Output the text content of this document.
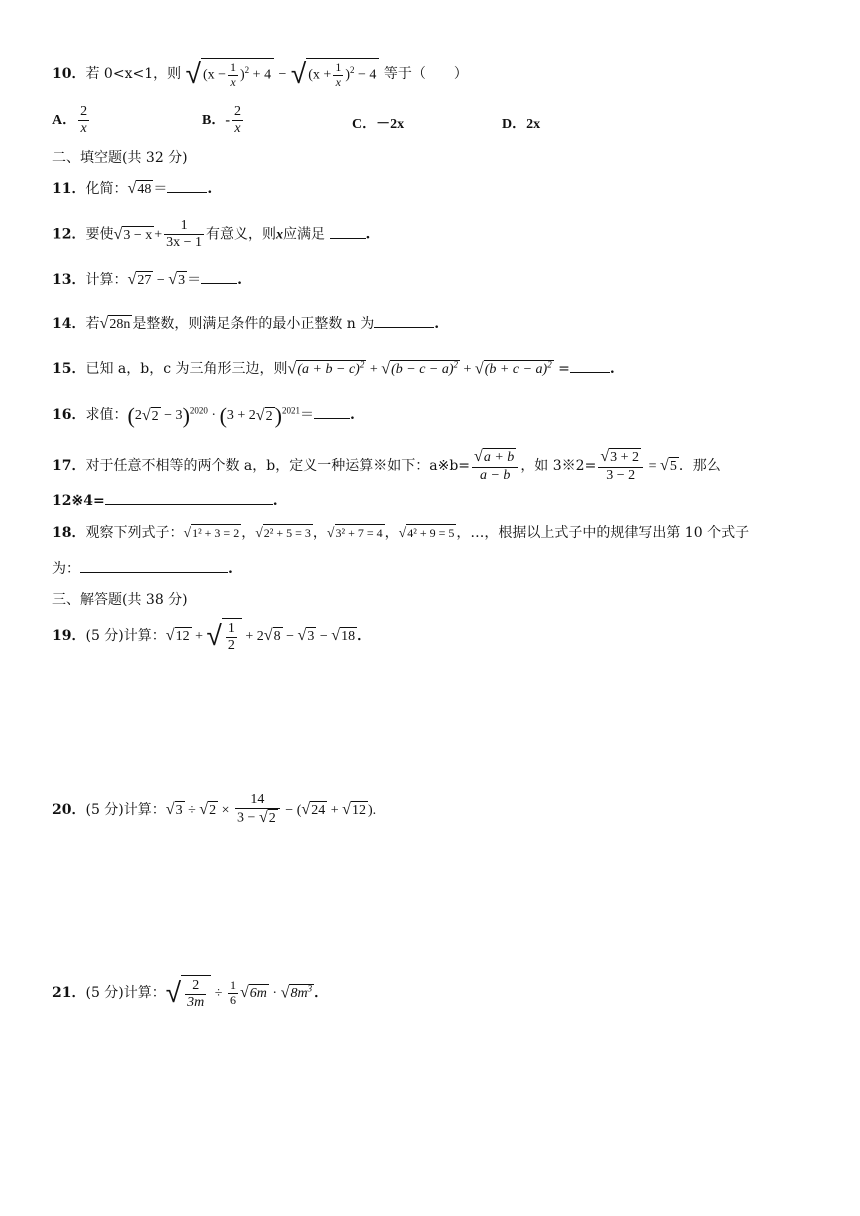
10．若 0<x<1，则 √ $(x - \frac{1}{x} )^2 + 4$ − √ $(x + \frac{1}{x} )^2 - 4$ 等于（　　）
A． $\frac{2}{x}$	B．- $\frac{2}{x}$	C．－2x	D．2x
二、填空题(共 32 分)
11．化简：√48 ＝	.
12．要使$√3 - x + \frac{1}{3x - 1}$ 有意义，则x应满足	.
13．计算：√27 − √3 ＝	.
14．若√28n 是整数，则满足条件的最小正整数 n 为	.
15．已知 a，b，c 为三角形三边，则$√(a + b - c)^2 + √(b - c - a)^2 + √(b + c - a)^2$ =	.
16．求值：$(2√2 - 3)^{2020} \cdot (3 + 2√2)^{2021}=$	.
17．对于任意不相等的两个数 a，b，定义一种运算※如下：a※b= $\frac{√a + b}{a - b}$ ，如 3※2= $\frac{√3 + 2}{3 - 2} = √5$ ．那么
12※4=	.
18．观察下列式子：√1² + 3 = 2 ，√2² + 5 = 3 ，√3² + 7 = 4 ，√4² + 9 = 5 ，…，根据以上式子中的规律写出第 10 个式子
为：	.
三、解答题(共 38 分)
19．(5 分)计算：√12 + √ $\frac{1}{2} + 2√8 - √3 - √18$ ．
20．(5 分)计算：$√3 \div √2 \times \frac{14}{3 - √2} - (√24 + √12$ ).
21．(5 分)计算：√ $\frac{2}{3m} \div \frac{1}{6} √6m \cdot √8m^3$ ．
